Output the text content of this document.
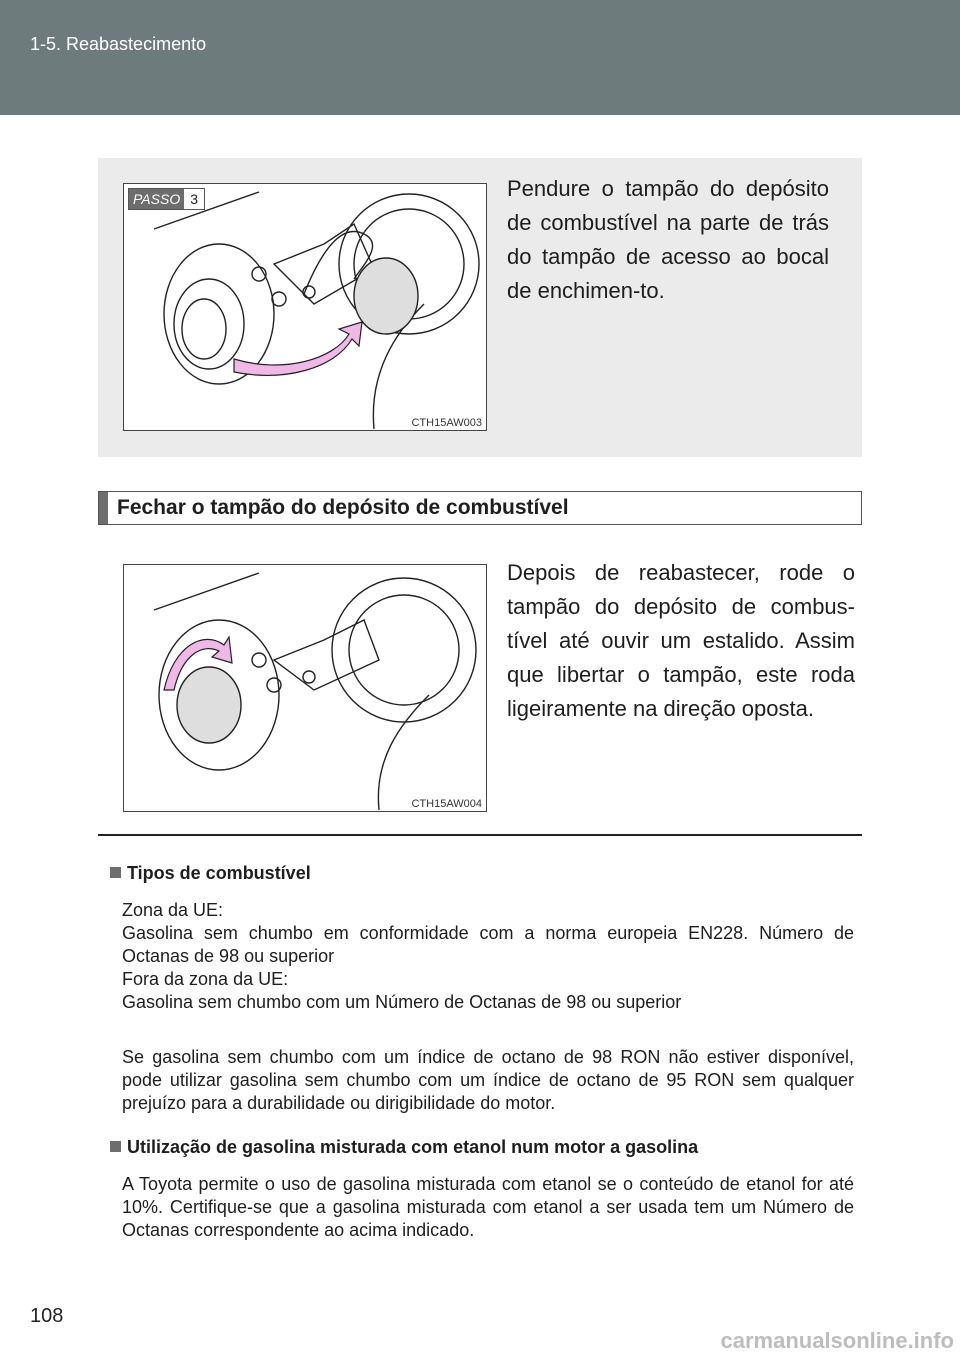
1-5. Reabastecimento
PASSO 3
CTH15AW003
Pendure o tampão do depósito de combustível na parte de trás do tampão de acesso ao bocal de enchimen-to.
Fechar o tampão do depósito de combustível
CTH15AW004
Depois de reabastecer, rode o tampão do depósito de combus-tível até ouvir um estalido. Assim que libertar o tampão, este roda ligeiramente na direção oposta.
Tipos de combustível
Zona da UE:
Gasolina sem chumbo em conformidade com a norma europeia EN228. Número de Octanas de 98 ou superior
Fora da zona da UE:
Gasolina sem chumbo com um Número de Octanas de 98 ou superior
Se gasolina sem chumbo com um índice de octano de 98 RON não estiver disponível, pode utilizar gasolina sem chumbo com um índice de octano de 95 RON sem qualquer prejuízo para a durabilidade ou dirigibilidade do motor.
Utilização de gasolina misturada com etanol num motor a gasolina
A Toyota permite o uso de gasolina misturada com etanol se o conteúdo de etanol for até 10%. Certifique-se que a gasolina misturada com etanol a ser usada tem um Número de Octanas correspondente ao acima indicado.
108
carmanualsonline.info
